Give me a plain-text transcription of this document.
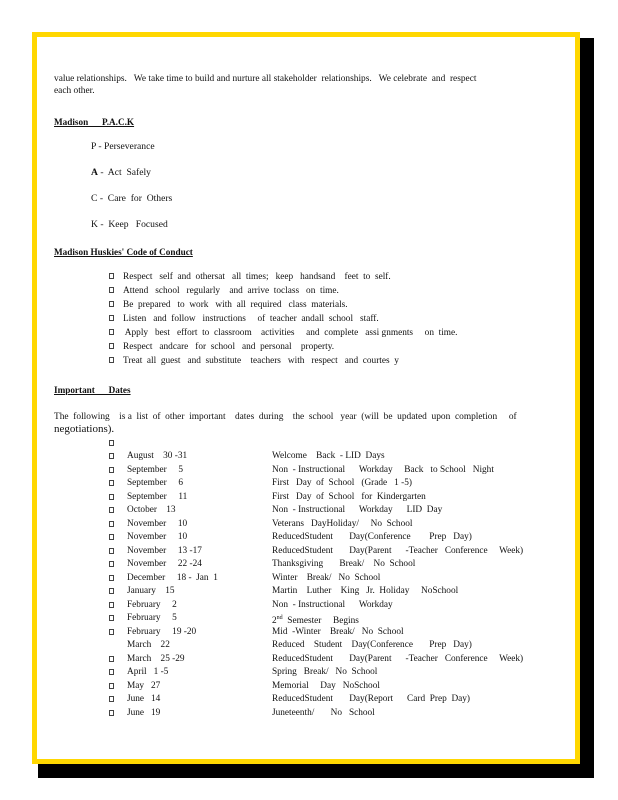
value relationships.   We take time to build and nurture all stakeholder  relationships.   We celebrate  and  respect

each other.

Madison      P.A.C.K

P - Perseverance
A -  Act  Safely
C -  Care  for  Others
K -  Keep   Focused

Madison Huskies' Code of Conduct

Respect   self  and  othersat   all  times;   keep   handsand    feet  to  self.
Attend   school   regularly    and  arrive  toclass   on  time.
Be  prepared   to  work   with  all  required   class  materials.
Listen   and  follow   instructions     of  teacher  andall  school   staff.
Apply   best   effort  to  classroom    activities     and  complete   assi gnments     on  time.
Respect   andcare   for  school   and  personal    property.
Treat  all  guest   and  substitute    teachers   with   respect   and  courtes  y

Important      Dates

The  following    is a  list  of  other  important    dates  during    the  school   year  (will  be  updated  upon  completion     of

negotiations).

August    30 -31	Welcome    Back  - LID  Days
September     5	Non  - Instructional      Workday     Back   to School   Night
September     6	First   Day  of  School   (Grade   1 -5)
September     11	First   Day  of  School   for  Kindergarten
October    13	Non  - Instructional      Workday      LID  Day
November     10	Veterans   DayHoliday/     No  School
November     10	ReducedStudent       Day(Conference        Prep   Day)
November     13 -17	ReducedStudent       Day(Parent      -Teacher   Conference     Week)
November     22 -24	Thanksgiving       Break/    No  School
December     18 -  Jan  1	Winter    Break/   No  School
January    15	Martin    Luther    King   Jr.  Holiday     NoSchool
February     2	Non  - Instructional      Workday
February     5	2nd  Semester     Begins
February     19 -20	Mid  -Winter    Break/   No  School
March    22	Reduced    Student    Day(Conference       Prep   Day)
March    25 -29	ReducedStudent       Day(Parent      -Teacher   Conference     Week)
April   1 -5	Spring   Break/   No  School
May   27	Memorial     Day   NoSchool
June   14	ReducedStudent       Day(Report      Card  Prep  Day)
June   19	Juneteenth/       No   School
